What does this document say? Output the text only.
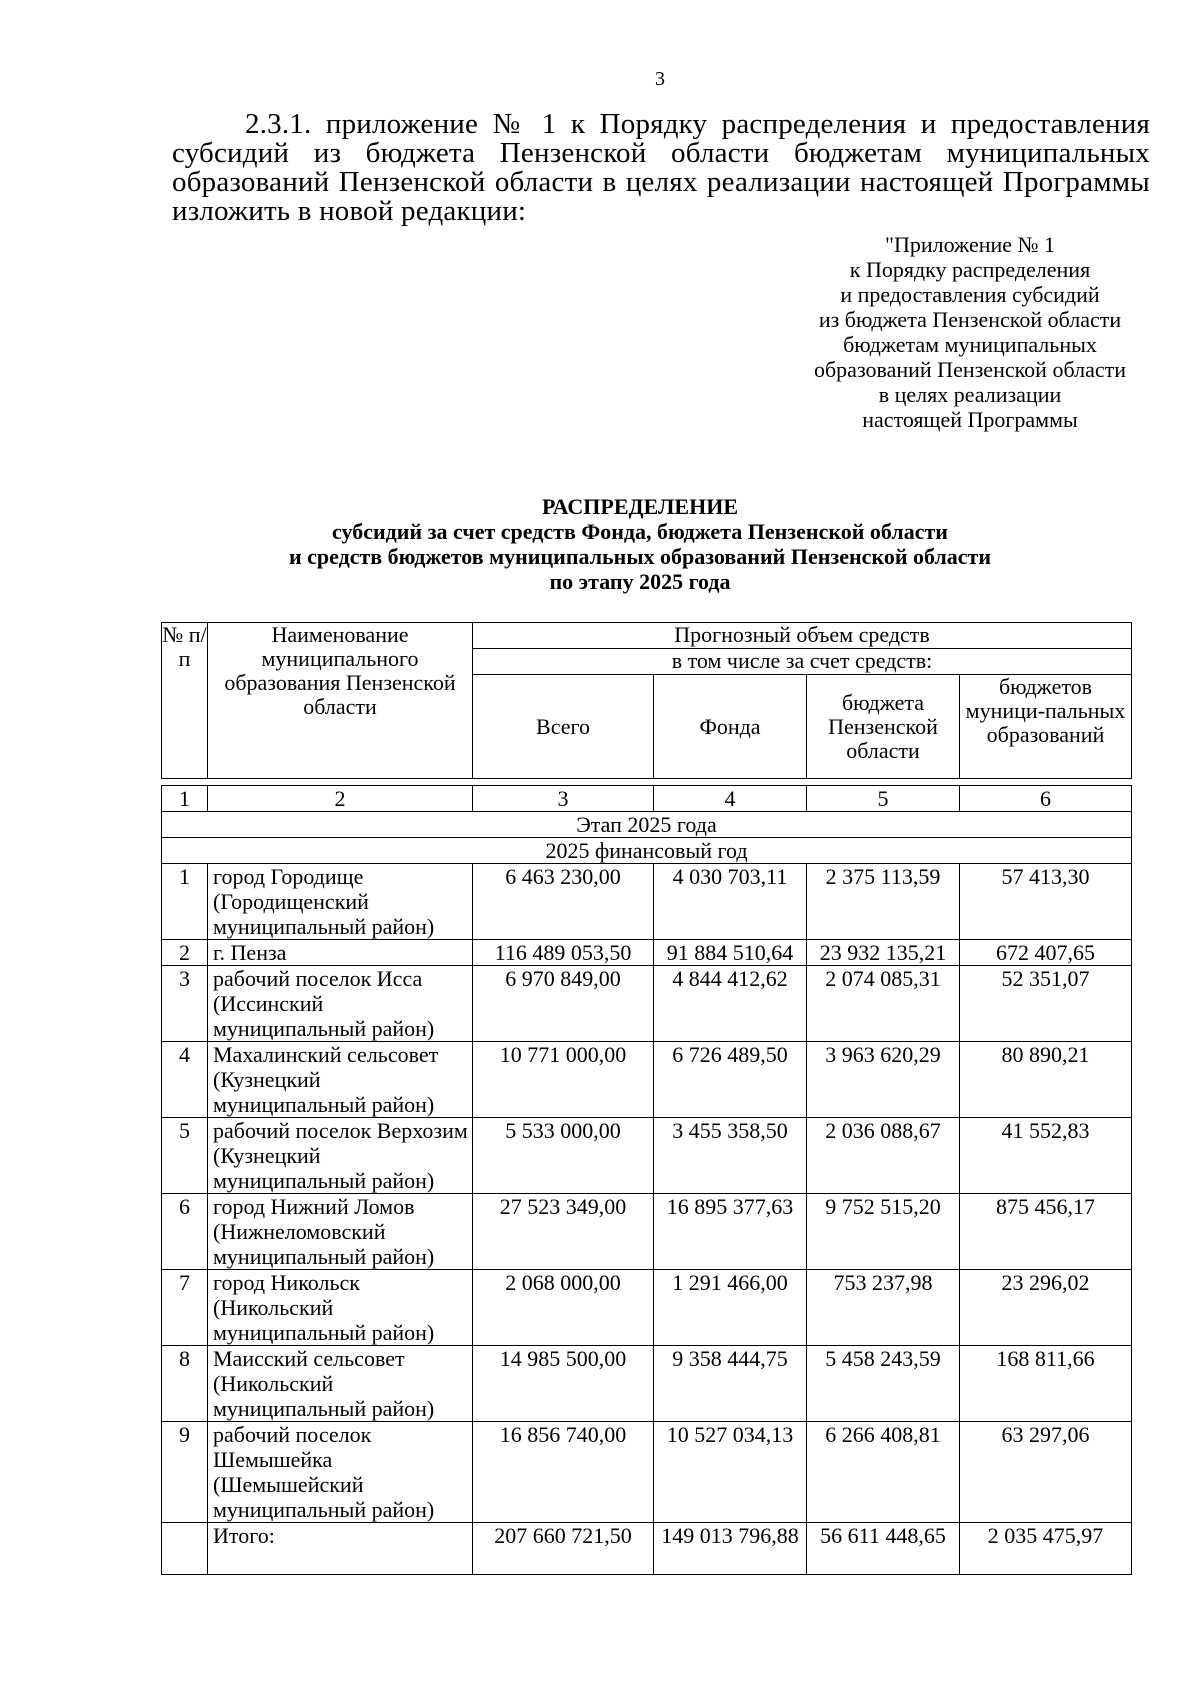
3
2.3.1. приложение № 1 к Порядку распределения и предоставления субсидий из бюджета Пензенской области бюджетам муниципальных образований Пензенской области в целях реализации настоящей Программы изложить в новой редакции:
"Приложение № 1
к Порядку распределения
и предоставления субсидий
из бюджета Пензенской области
бюджетам муниципальных
образований Пензенской области
в целях реализации
настоящей Программы
РАСПРЕДЕЛЕНИЕ
субсидий за счет средств Фонда, бюджета Пензенской области
и средств бюджетов муниципальных образований Пензенской области
по этапу 2025 года
№ п/п	Наименование муниципального образования Пензенской области	Прогнозный объем средств			
		в том числе за счет средств:			
		Всего	Фонда	бюджета Пензенской области	бюджетов муници-пальных образований
1	2	3	4	5	6
Этап 2025 года					
2025 финансовый год					
1	город Городище (Городищенский муниципальный район)	6 463 230,00	4 030 703,11	2 375 113,59	57 413,30
2	г. Пенза	116 489 053,50	91 884 510,64	23 932 135,21	672 407,65
3	рабочий поселок Исса (Иссинский муниципальный район)	6 970 849,00	4 844 412,62	2 074 085,31	52 351,07
4	Махалинский сельсовет (Кузнецкий муниципальный район)	10 771 000,00	6 726 489,50	3 963 620,29	80 890,21
5	рабочий поселок Верхозим (Кузнецкий муниципальный район)	5 533 000,00	3 455 358,50	2 036 088,67	41 552,83
6	город Нижний Ломов (Нижнеломовский муниципальный район)	27 523 349,00	16 895 377,63	9 752 515,20	875 456,17
7	город Никольск (Никольский муниципальный район)	2 068 000,00	1 291 466,00	753 237,98	23 296,02
8	Маисский сельсовет (Никольский муниципальный район)	14 985 500,00	9 358 444,75	5 458 243,59	168 811,66
9	рабочий поселок Шемышейка (Шемышейский муниципальный район)	16 856 740,00	10 527 034,13	6 266 408,81	63 297,06
	Итого:	207 660 721,50	149 013 796,88	56 611 448,65	2 035 475,97
